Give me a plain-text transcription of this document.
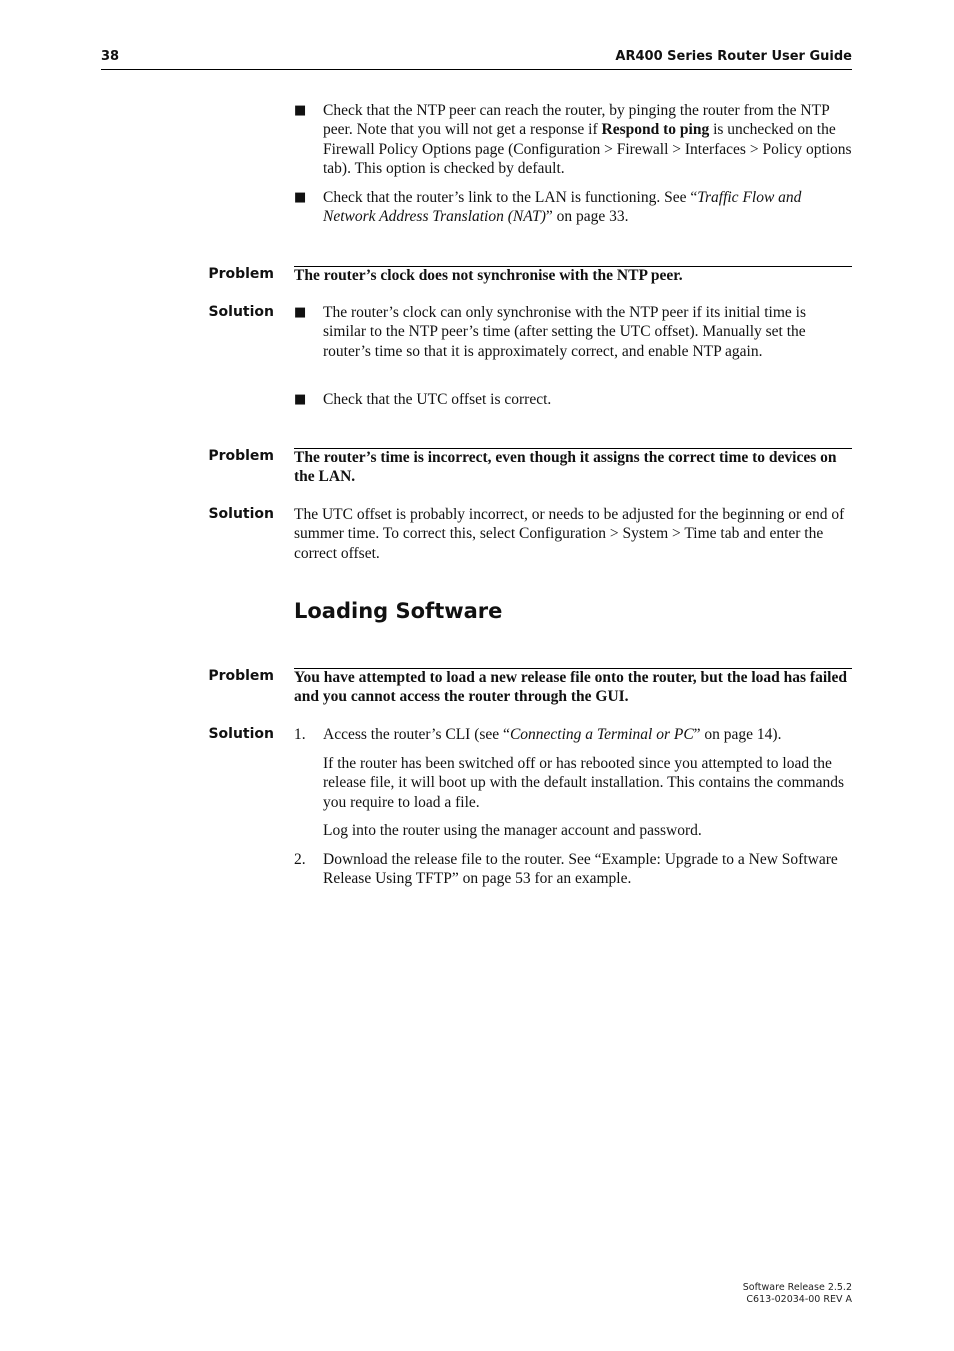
38	AR400 Series Router User Guide
■ Check that the NTP peer can reach the router, by pinging the router from the NTP peer. Note that you will not get a response if Respond to ping is unchecked on the Firewall Policy Options page (Configuration > Firewall > Interfaces > Policy options tab). This option is checked by default.
■ Check that the router’s link to the LAN is functioning. See “Traffic Flow and Network Address Translation (NAT)” on page 33.
Problem The router’s clock does not synchronise with the NTP peer.
Solution ■ The router’s clock can only synchronise with the NTP peer if its initial time is similar to the NTP peer’s time (after setting the UTC offset). Manually set the router’s time so that it is approximately correct, and enable NTP again.
■ Check that the UTC offset is correct.
Problem The router’s time is incorrect, even though it assigns the correct time to devices on the LAN.
Solution The UTC offset is probably incorrect, or needs to be adjusted for the beginning or end of summer time. To correct this, select Configuration > System > Time tab and enter the correct offset.
Loading Software
Problem You have attempted to load a new release file onto the router, but the load has failed and you cannot access the router through the GUI.
Solution 1. Access the router’s CLI (see “Connecting a Terminal or PC” on page 14).
If the router has been switched off or has rebooted since you attempted to load the release file, it will boot up with the default installation. This contains the commands you require to load a file.
Log into the router using the manager account and password.
2. Download the release file to the router. See “Example: Upgrade to a New Software Release Using TFTP” on page 53 for an example.
Software Release 2.5.2
C613-02034-00 REV A
